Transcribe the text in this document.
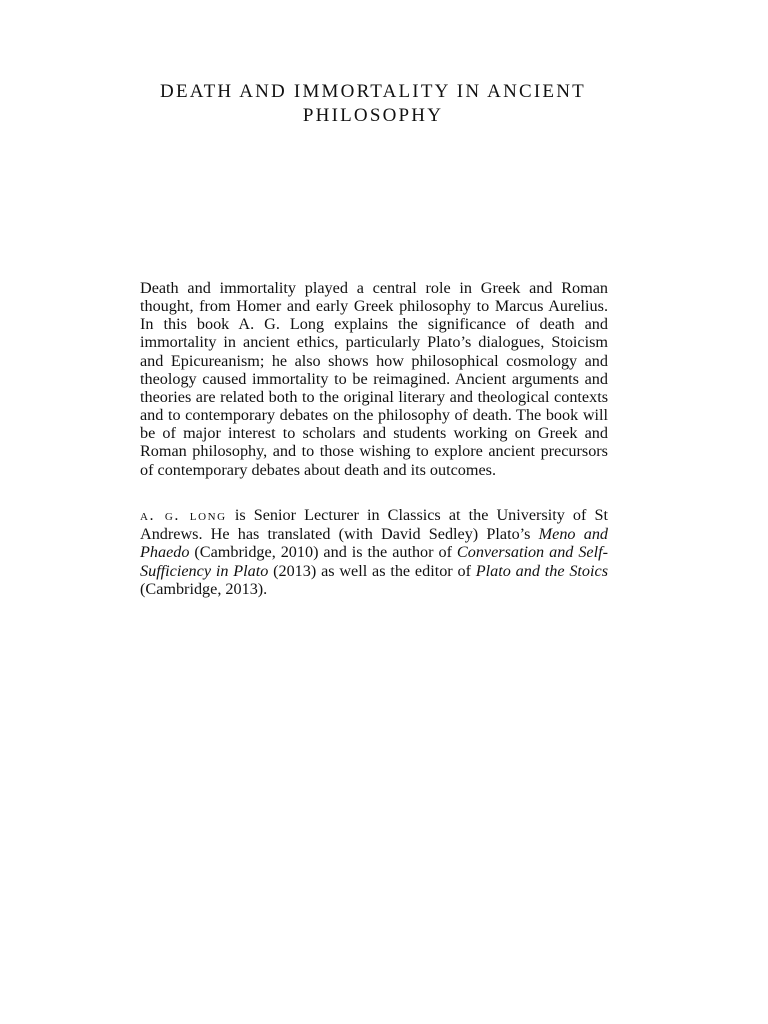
DEATH AND IMMORTALITY IN ANCIENT
PHILOSOPHY

Death and immortality played a central role in Greek and Roman thought, from Homer and early Greek philosophy to Marcus Aurelius. In this book A. G. Long explains the significance of death and immortality in ancient ethics, particularly Plato’s dialogues, Stoicism and Epicureanism; he also shows how philosophical cosmology and theology caused immortality to be reimagined. Ancient arguments and theories are related both to the original literary and theological contexts and to contemporary debates on the philosophy of death. The book will be of major interest to scholars and students working on Greek and Roman philosophy, and to those wishing to explore ancient precursors of contemporary debates about death and its outcomes.

a. g. long is Senior Lecturer in Classics at the University of St Andrews. He has translated (with David Sedley) Plato’s Meno and Phaedo (Cambridge, 2010) and is the author of Conversation and Self-Sufficiency in Plato (2013) as well as the editor of Plato and the Stoics (Cambridge, 2013).
